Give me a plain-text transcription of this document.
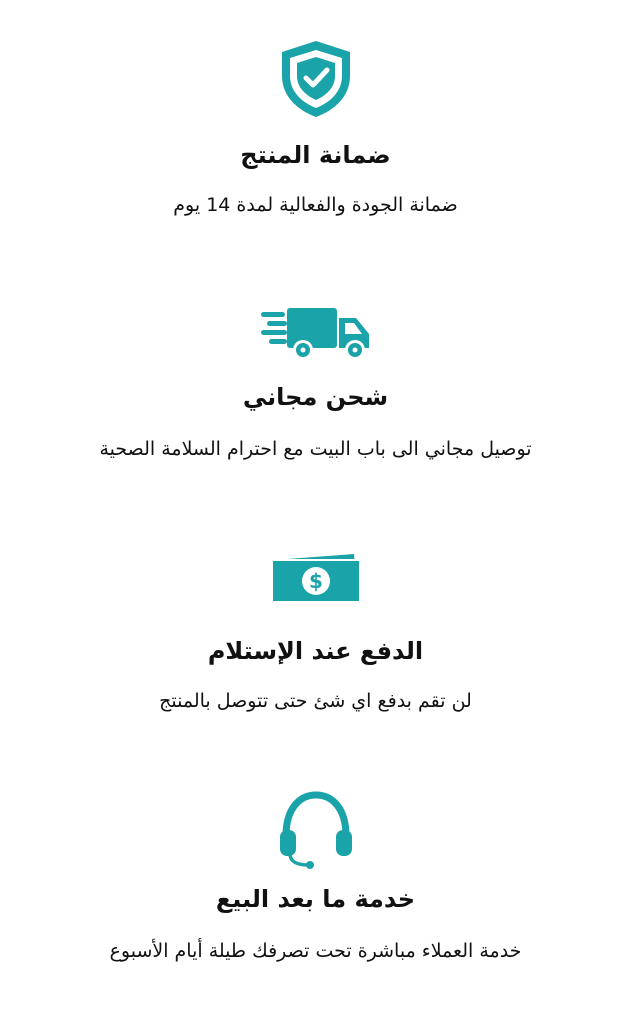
ضمانة المنتج
ضمانة الجودة والفعالية لمدة 14 يوم
شحن مجاني
توصيل مجاني الى باب البيت مع احترام السلامة الصحية
$
الدفع عند الإستلام
لن تقم بدفع اي شئ حتى تتوصل بالمنتج
خدمة ما بعد البيع
خدمة العملاء مباشرة تحت تصرفك طيلة أيام الأسبوع
